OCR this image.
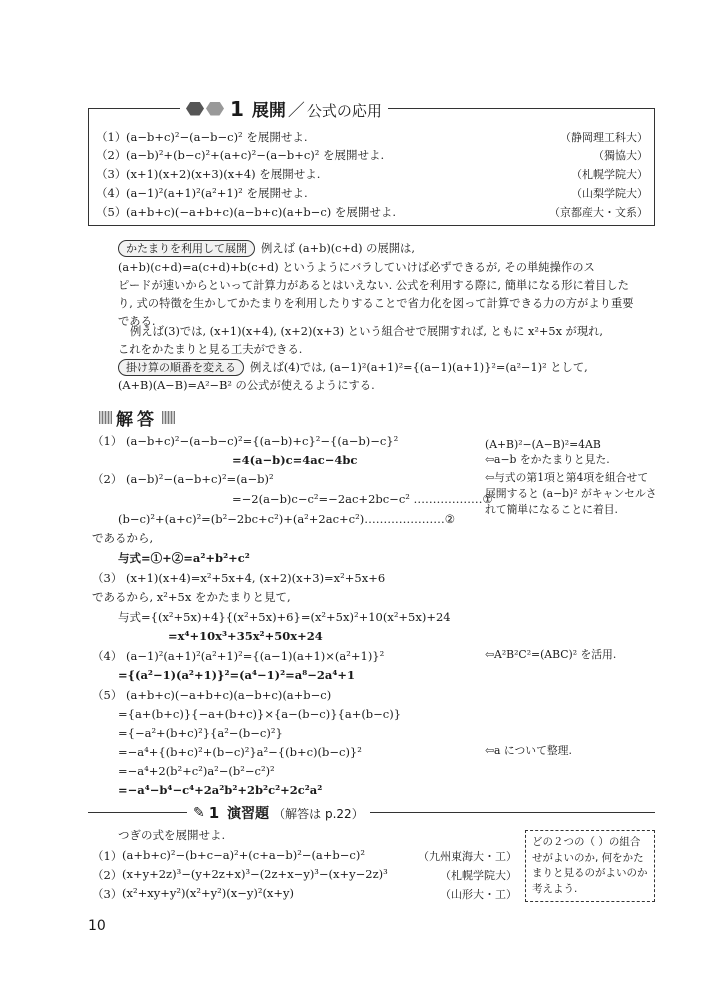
1 展開 ／ 公式の応用
（1） (a−b+c)²−(a−b−c)² を展開せよ.	（静岡理工科大）
（2） (a−b)²+(b−c)²+(a+c)²−(a−b+c)² を展開せよ.	（獨協大）
（3） (x+1)(x+2)(x+3)(x+4) を展開せよ.	（札幌学院大）
（4） (a−1)²(a+1)²(a²+1)² を展開せよ.	（山梨学院大）
（5） (a+b+c)(−a+b+c)(a−b+c)(a+b−c) を展開せよ.	（京都産大・文系）
かたまりを利用して展開 例えば (a+b)(c+d) の展開は,
(a+b)(c+d)=a(c+d)+b(c+d) というようにバラしていけば必ずできるが, その単純操作のス
ピードが速いからといって計算力があるとはいえない. 公式を利用する際に, 簡単になる形に着目した
り, 式の特徴を生かしてかたまりを利用したりすることで省力化を図って計算できる力の方がより重要
である.
例えば(3)では, (x+1)(x+4), (x+2)(x+3) という組合せで展開すれば, ともに x²+5x が現れ,
これをかたまりと見る工夫ができる.
掛け算の順番を変える 例えば(4)では, (a−1)²(a+1)²={(a−1)(a+1)}²=(a²−1)² として,
(A+B)(A−B)=A²−B² の公式が使えるようにする.
解答
（1） (a−b+c)²−(a−b−c)²={(a−b)+c}²−{(a−b)−c}²
=4(a−b)c=4ac−4bc
（2） (a−b)²−(a−b+c)²=(a−b)²
=−2(a−b)c−c²=−2ac+2bc−c² ………………①
(b−c)²+(a+c)²=(b²−2bc+c²)+(a²+2ac+c²)…………………②
であるから,
与式=①+②=a²+b²+c²
（3） (x+1)(x+4)=x²+5x+4, (x+2)(x+3)=x²+5x+6
であるから, x²+5x をかたまりと見て,
与式={(x²+5x)+4}{(x²+5x)+6}=(x²+5x)²+10(x²+5x)+24
=x⁴+10x³+35x²+50x+24
（4） (a−1)²(a+1)²(a²+1)²={(a−1)(a+1)×(a²+1)}²
={(a²−1)(a²+1)}²=(a⁴−1)²=a⁸−2a⁴+1
（5） (a+b+c)(−a+b+c)(a−b+c)(a+b−c)
={a+(b+c)}{−a+(b+c)}×{a−(b−c)}{a+(b−c)}
={−a²+(b+c)²}{a²−(b−c)²}
=−a⁴+{(b+c)²+(b−c)²}a²−{(b+c)(b−c)}²
=−a⁴+2(b²+c²)a²−(b²−c²)²
=−a⁴−b⁴−c⁴+2a²b²+2b²c²+2c²a²
(A+B)²−(A−B)²=4AB
⇦a−b をかたまりと見た.
⇦与式の第1項と第4項を組合せて展開すると (a−b)² がキャンセルされて簡単になることに着目.
⇦A²B²C²=(ABC)² を活用.
⇦a について整理.
✎ 1 演習題 （解答は p.22）
つぎの式を展開せよ.
（1） (a+b+c)²−(b+c−a)²+(c+a−b)²−(a+b−c)²	（九州東海大・工）
（2） (x+y+2z)³−(y+2z+x)³−(2z+x−y)³−(x+y−2z)³	（札幌学院大）
（3） (x²+xy+y²)(x²+y²)(x−y)²(x+y)	（山形大・工）
どの２つの（ ）の組合せがよいのか, 何をかたまりと見るのがよいのか考えよう.
10
